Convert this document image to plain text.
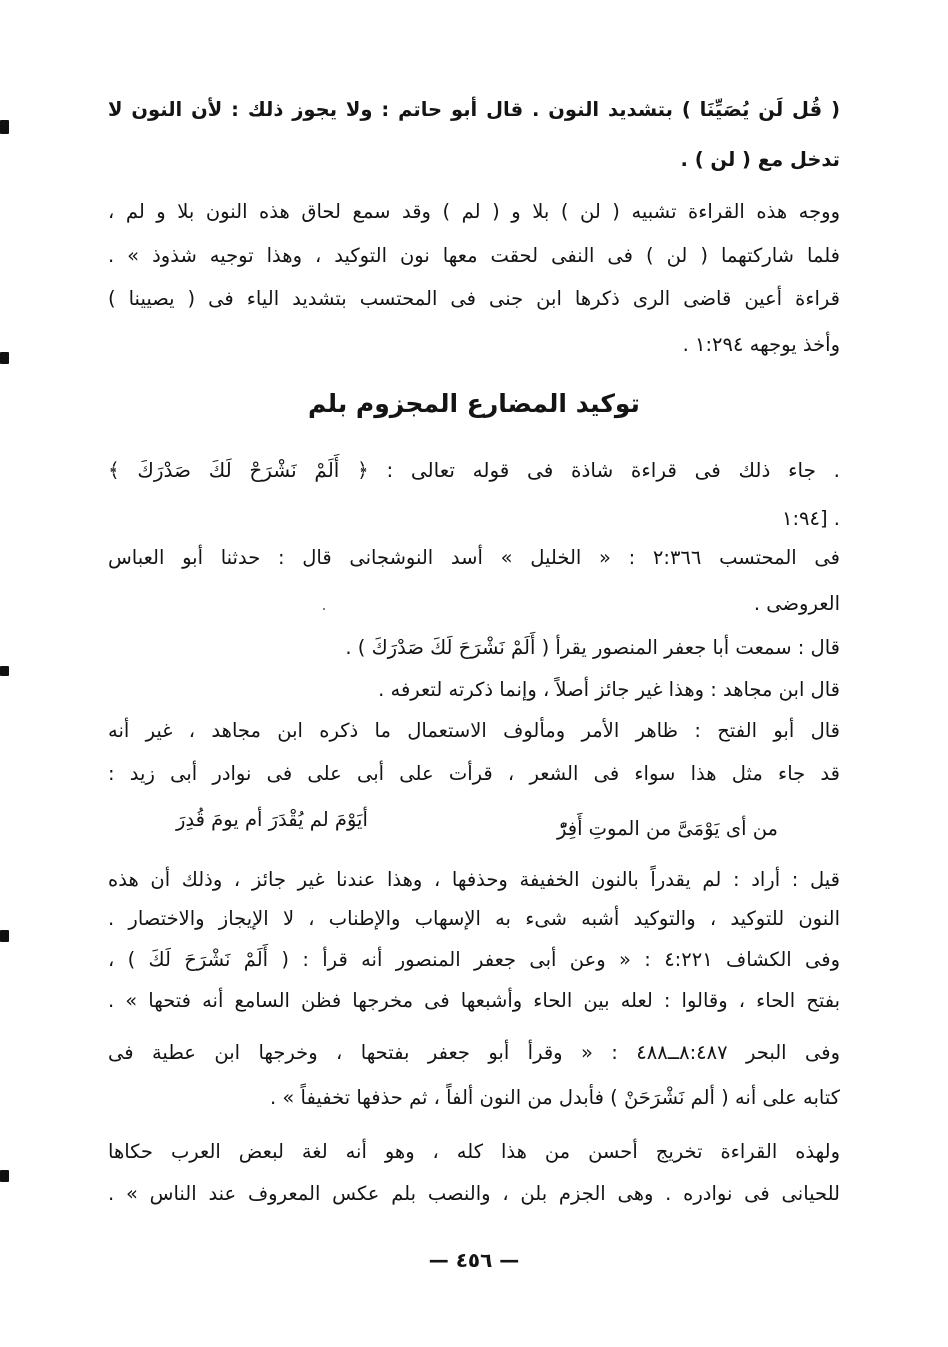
( قُل لَن يُصَيِّنَا ) بتشديد النون . قال أبو حاتم : ولا يجوز ذلك : لأن النون لا
تدخل مع ( لن ) .
ووجه هذه القراءة تشبيه ( لن ) بلا و ( لم ) وقد سمع لحاق هذه النون بلا و لم ،
فلما شاركتهما ( لن ) فى النفى لحقت معها نون التوكيد ، وهذا توجيه شذوذ » .
قراءة أعين قاضى الرى ذكرها ابن جنى فى المحتسب بتشديد الياء فى ( يصيينا )
وأخذ يوجهه ١:٢٩٤ .
توكيد المضارع المجزوم بلم
. جاء ذلك فى قراءة شاذة فى قوله تعالى : ﴿ أَلَمْ نَشْرَحْ لَكَ صَدْرَكَ ﴾
. [١:٩٤
فى المحتسب ٢:٣٦٦ : « الخليل » أسد النوشجانى قال : حدثنا أبو العباس
العروضى .
قال : سمعت أبا جعفر المنصور يقرأ ( أَلَمْ نَشْرَحَ لَكَ صَدْرَكَ ) .
قال ابن مجاهد : وهذا غير جائز أصلاً ، وإنما ذكرته لتعرفه .
قال أبو الفتح : ظاهر الأمر ومألوف الاستعمال ما ذكره ابن مجاهد ، غير أنه
قد جاء مثل هذا سواء فى الشعر ، قرأت على أبى على فى نوادر أبى زيد :
من أى يَوْمَىَّ من الموتِ أَفِرّْ
أيَوْمَ لم يُقْدَرَ أم يومَ قُدِرَ
قيل : أراد : لم يقدراً بالنون الخفيفة وحذفها ، وهذا عندنا غير جائز ، وذلك أن هذه
النون للتوكيد ، والتوكيد أشبه شىء به الإسهاب والإطناب ، لا الإيجاز والاختصار .
وفى الكشاف ٤:٢٢١ : « وعن أبى جعفر المنصور أنه قرأ : ( أَلَمْ نَشْرَحَ لَكَ ) ،
بفتح الحاء ، وقالوا : لعله بين الحاء وأشبعها فى مخرجها فظن السامع أنه فتحها » .
وفى البحر ٨:٤٨٧ــ٤٨٨ : « وقرأ أبو جعفر بفتحها ، وخرجها ابن عطية فى
كتابه على أنه ( ألم نَشْرَحَنْ ) فأبدل من النون ألفاً ، ثم حذفها تخفيفاً » .
ولهذه القراءة تخريج أحسن من هذا كله ، وهو أنه لغة لبعض العرب حكاها
للحيانى فى نوادره . وهى الجزم بلن ، والنصب بلم عكس المعروف عند الناس » .
— ٤٥٦ —
